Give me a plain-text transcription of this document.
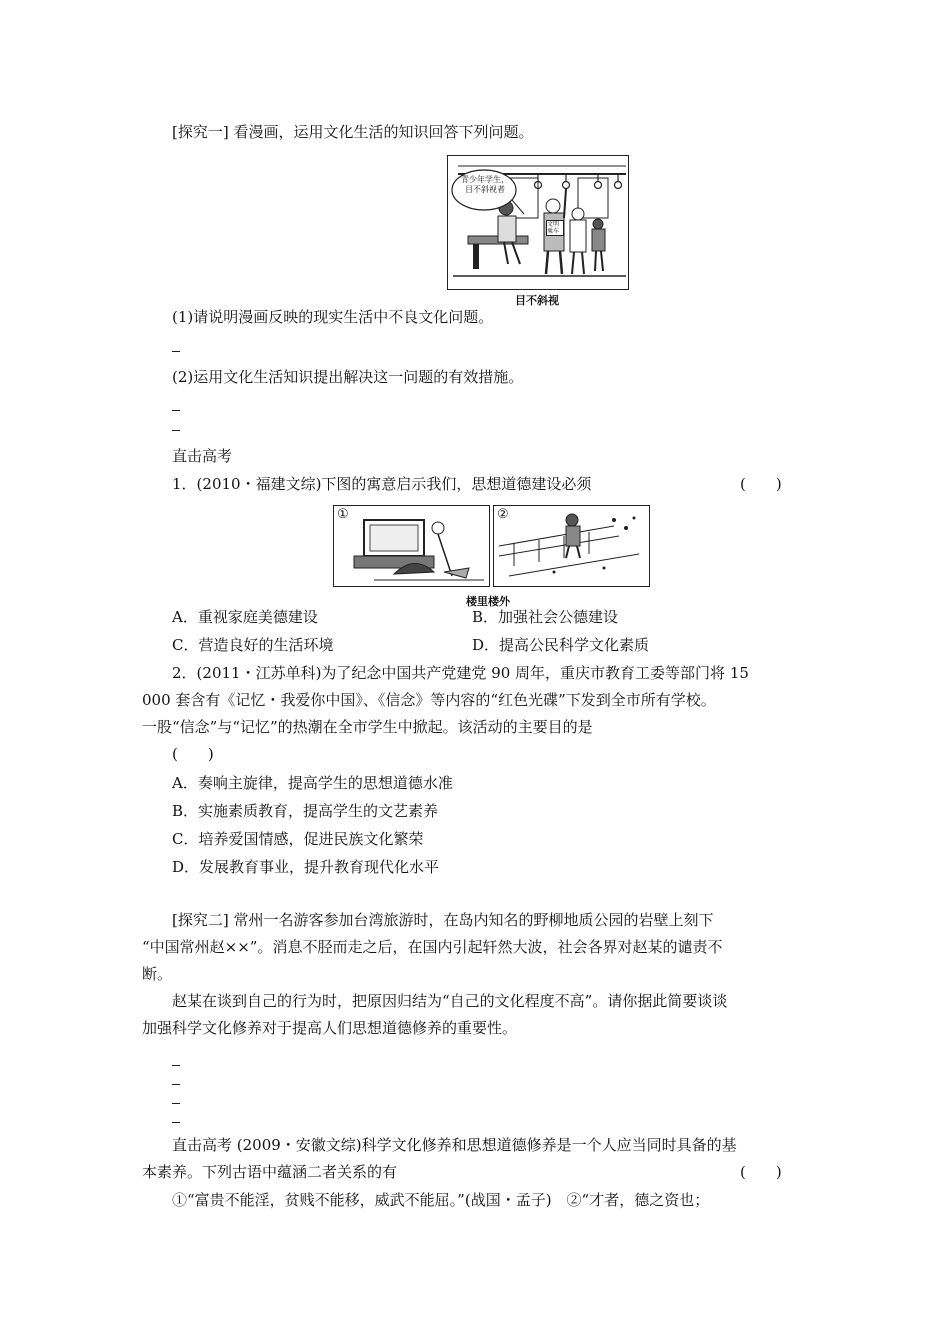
[探究一] 看漫画，运用文化生活的知识回答下列问题。
青少年学生，
目不斜视者
文明
乘车
目不斜视
(1)请说明漫画反映的现实生活中不良文化问题。
(2)运用文化生活知识提出解决这一问题的有效措施。
直击高考
1．(2010・福建文综)下图的寓意启示我们，思想道德建设必须	(　　)
①	②
楼里楼外
A．重视家庭美德建设	B．加强社会公德建设
C．营造良好的生活环境	D．提高公民科学文化素质
2．(2011・江苏单科)为了纪念中国共产党建党 90 周年，重庆市教育工委等部门将 15
000 套含有《记忆・我爱你中国》、《信念》等内容的“红色光碟”下发到全市所有学校。
一股“信念”与“记忆”的热潮在全市学生中掀起。该活动的主要目的是
(　　)
A．奏响主旋律，提高学生的思想道德水准
B．实施素质教育，提高学生的文艺素养
C．培养爱国情感，促进民族文化繁荣
D．发展教育事业，提升教育现代化水平
[探究二] 常州一名游客参加台湾旅游时，在岛内知名的野柳地质公园的岩壁上刻下
“中国常州赵××”。消息不胫而走之后，在国内引起轩然大波，社会各界对赵某的谴责不
断。
赵某在谈到自己的行为时，把原因归结为“自己的文化程度不高”。请你据此简要谈谈
加强科学文化修养对于提高人们思想道德修养的重要性。
直击高考 (2009・安徽文综)科学文化修养和思想道德修养是一个人应当同时具备的基
本素养。下列古语中蕴涵二者关系的有	(　　)
①“富贵不能淫，贫贱不能移，威武不能屈。”(战国・孟子)　②“才者，德之资也；
